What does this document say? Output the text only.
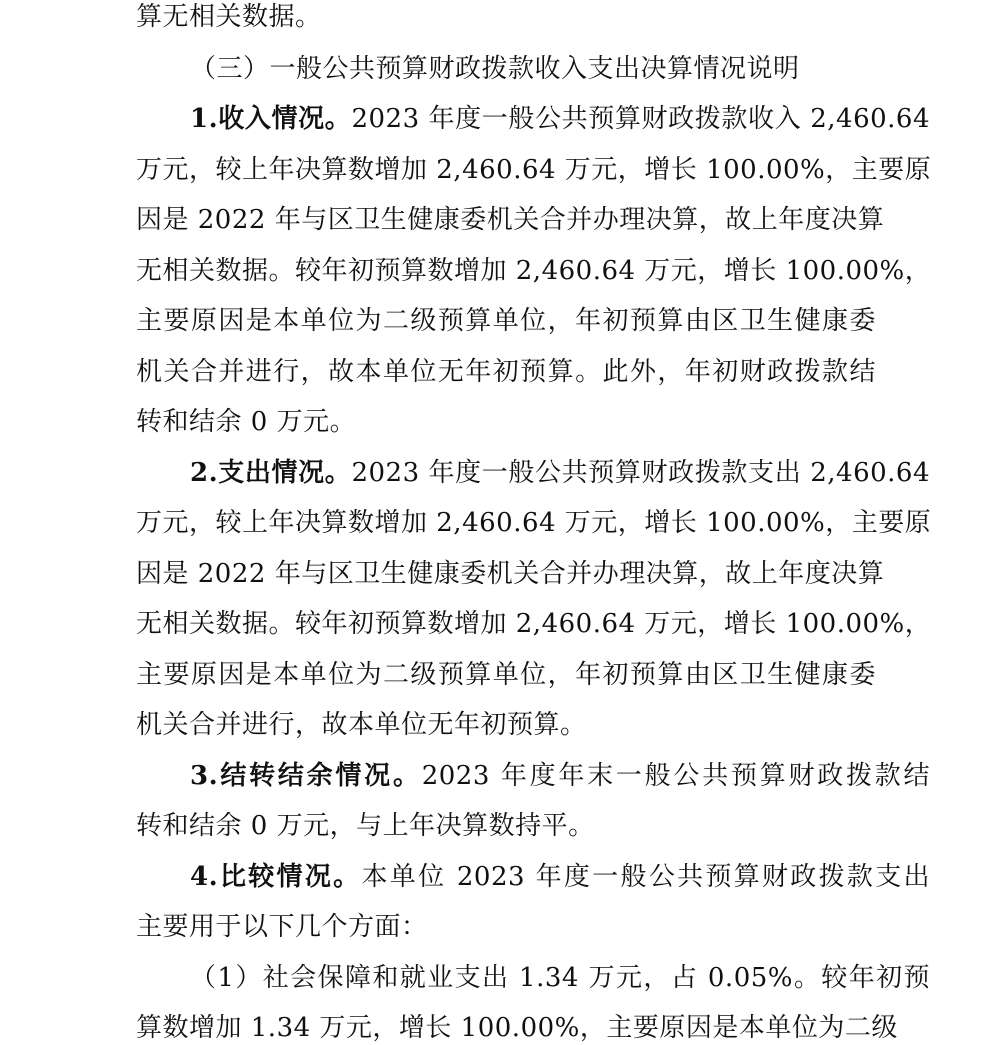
算无相关数据。
（三）一般公共预算财政拨款收入支出决算情况说明
1.收入情况。2023 年度一般公共预算财政拨款收入 2,460.64
万元，较上年决算数增加 2,460.64 万元，增长 100.00%，主要原
因是 2022 年与区卫生健康委机关合并办理决算，故上年度决算
无相关数据。较年初预算数增加 2,460.64 万元，增长 100.00%，
主要原因是本单位为二级预算单位，年初预算由区卫生健康委
机关合并进行，故本单位无年初预算。此外，年初财政拨款结
转和结余 0 万元。
2.支出情况。2023 年度一般公共预算财政拨款支出 2,460.64
万元，较上年决算数增加 2,460.64 万元，增长 100.00%，主要原
因是 2022 年与区卫生健康委机关合并办理决算，故上年度决算
无相关数据。较年初预算数增加 2,460.64 万元，增长 100.00%，
主要原因是本单位为二级预算单位，年初预算由区卫生健康委
机关合并进行，故本单位无年初预算。
3.结转结余情况。2023 年度年末一般公共预算财政拨款结
转和结余 0 万元，与上年决算数持平。
4.比较情况。本单位 2023 年度一般公共预算财政拨款支出
主要用于以下几个方面：
（1）社会保障和就业支出 1.34 万元，占 0.05%。较年初预
算数增加 1.34 万元，增长 100.00%，主要原因是本单位为二级
